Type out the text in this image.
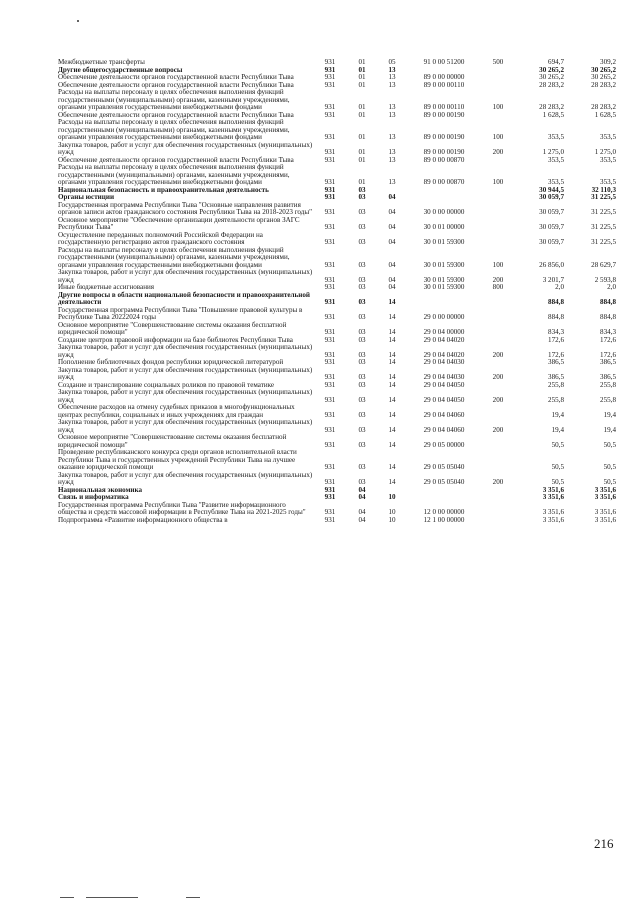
Межбюджетные трансферты	931	01	05	91 0 00 51200	500	694,7	309,2
Другие общегосударственные вопросы	931	01	13			30 265,2	30 265,2
Обеспечение деятельности органов государственной власти Республики Тыва	931	01	13	89 0 00 00000		30 265,2	30 265,2
Обеспечение деятельности органов государственной власти Республики Тыва	931	01	13	89 0 00 00110		28 283,2	28 283,2
Расходы на выплаты персоналу в целях обеспечения выполнения функций государственными (муниципальными) органами, казенными учреждениями, органами управления государственными внебюджетными фондами	931	01	13	89 0 00 00110	100	28 283,2	28 283,2
Обеспечение деятельности органов государственной власти Республики Тыва	931	01	13	89 0 00 00190		1 628,5	1 628,5
Расходы на выплаты персоналу в целях обеспечения выполнения функций государственными (муниципальными) органами, казенными учреждениями, органами управления государственными внебюджетными фондами	931	01	13	89 0 00 00190	100	353,5	353,5
Закупка товаров, работ и услуг для обеспечения государственных (муниципальных) нужд	931	01	13	89 0 00 00190	200	1 275,0	1 275,0
Обеспечение деятельности органов государственной власти Республики Тыва	931	01	13	89 0 00 00870		353,5	353,5
Расходы на выплаты персоналу в целях обеспечения выполнения функций государственными (муниципальными) органами, казенными учреждениями, органами управления государственными внебюджетными фондами	931	01	13	89 0 00 00870	100	353,5	353,5
Национальная безопасность и правоохранительная деятельность	931	03				30 944,5	32 110,3
Органы юстиции	931	03	04			30 059,7	31 225,5
Государственная программа Республики Тыва "Основные направления развития органов записи актов гражданского состояния Республики Тыва на 2018-2023 годы"	931	03	04	30 0 00 00000		30 059,7	31 225,5
Основное мероприятие "Обеспечение организации деятельности органов ЗАГС Республики Тыва"	931	03	04	30 0 01 00000		30 059,7	31 225,5
Осуществление переданных полномочий Российской Федерации на государственную регистрацию актов гражданского состояния	931	03	04	30 0 01 59300		30 059,7	31 225,5
Расходы на выплаты персоналу в целях обеспечения выполнения функций государственными (муниципальными) органами, казенными учреждениями, органами управления государственными внебюджетными фондами	931	03	04	30 0 01 59300	100	26 856,0	28 629,7
Закупка товаров, работ и услуг для обеспечения государственных (муниципальных) нужд	931	03	04	30 0 01 59300	200	3 201,7	2 593,8
Иные бюджетные ассигнования	931	03	04	30 0 01 59300	800	2,0	2,0
Другие вопросы в области национальной безопасности и правоохранительной деятельности	931	03	14			884,8	884,8
Государственная программа Республики Тыва "Повышение правовой культуры в Республике Тыва 20222024 годы	931	03	14	29 0 00 00000		884,8	884,8
Основное мероприятие "Совершенствование системы оказания бесплатной юридической помощи"	931	03	14	29 0 04 00000		834,3	834,3
Создание центров правовой информации на базе библиотек Республики Тыва	931	03	14	29 0 04 04020		172,6	172,6
Закупка товаров, работ и услуг для обеспечения государственных (муниципальных) нужд	931	03	14	29 0 04 04020	200	172,6	172,6
Пополнение библиотечных фондов республики юридической литературой	931	03	14	29 0 04 04030		386,5	386,5
Закупка товаров, работ и услуг для обеспечения государственных (муниципальных) нужд	931	03	14	29 0 04 04030	200	386,5	386,5
Создание и транслирование социальных роликов по правовой тематике	931	03	14	29 0 04 04050		255,8	255,8
Закупка товаров, работ и услуг для обеспечения государственных (муниципальных) нужд	931	03	14	29 0 04 04050	200	255,8	255,8
Обеспечение расходов на отмену судебных приказов в многофункциональных центрах республики, социальных и иных учреждениях для граждан	931	03	14	29 0 04 04060		19,4	19,4
Закупка товаров, работ и услуг для обеспечения государственных (муниципальных) нужд	931	03	14	29 0 04 04060	200	19,4	19,4
Основное мероприятие "Совершенствование системы оказания бесплатной юридической помощи"	931	03	14	29 0 05 00000		50,5	50,5
Проведение республиканского конкурса среди органов исполнительной власти Республики Тыва и государственных учреждений Республики Тыва на лучшее оказание юридической помощи	931	03	14	29 0 05 05040		50,5	50,5
Закупка товаров, работ и услуг для обеспечения государственных (муниципальных) нужд	931	03	14	29 0 05 05040	200	50,5	50,5
Национальная экономика	931	04				3 351,6	3 351,6
Связь и информатика	931	04	10			3 351,6	3 351,6
Государственная программа Республики Тыва "Развитие информационного общества и средств массовой информации в Республике Тыва на 2021-2025 годы"	931	04	10	12 0 00 00000		3 351,6	3 351,6
Подпрограмма «Развитие информационного общества в	931	04	10	12 1 00 00000		3 351,6	3 351,6
216
